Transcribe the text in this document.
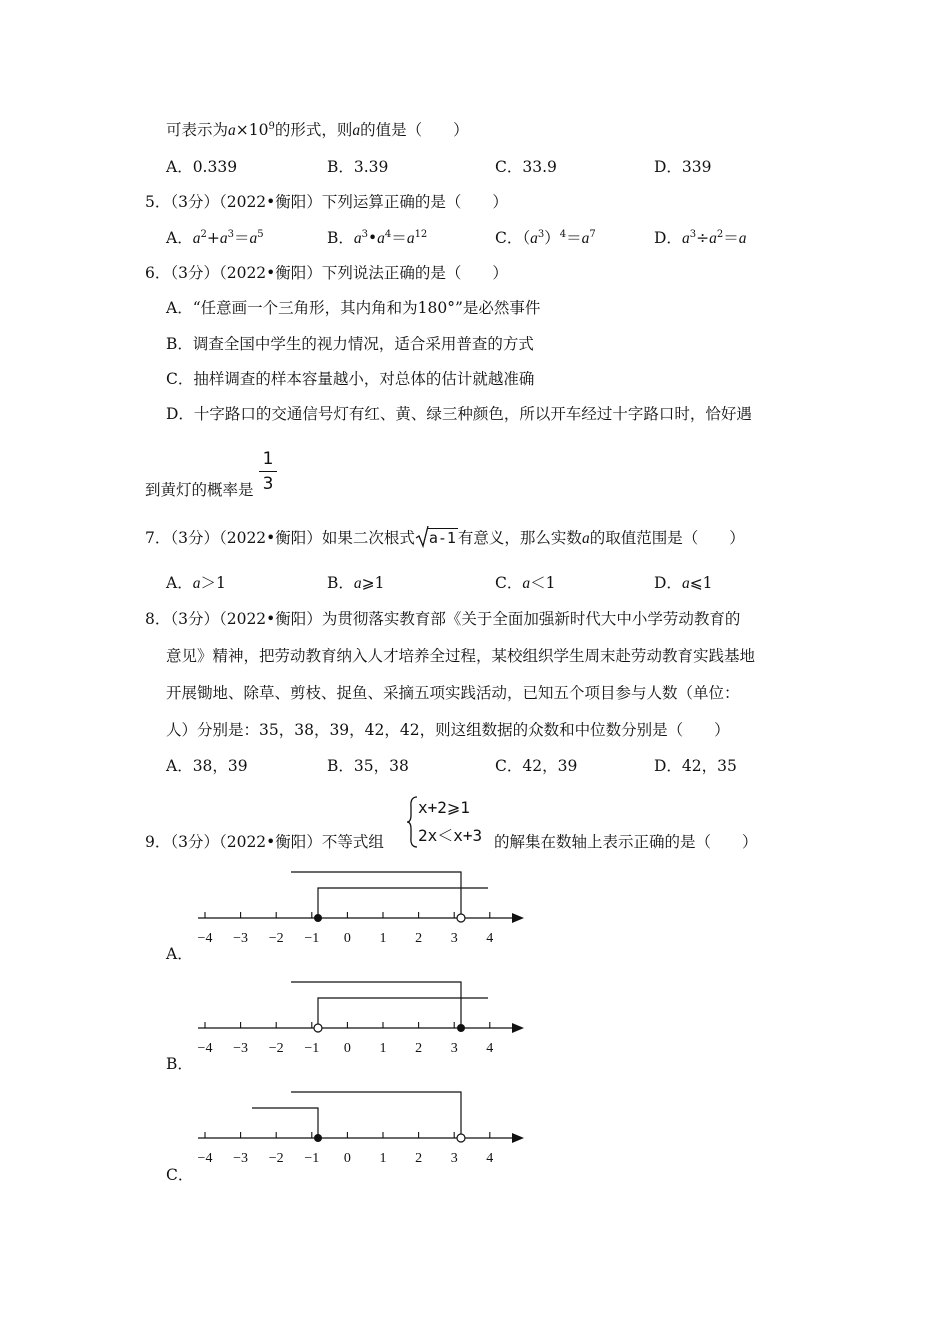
可表示为$a\times 10^9$的形式，则a的值是（　　）
A．0.339	B．3.39	C．33.9	D．339
5．（3分）（2022•衡阳）下列运算正确的是（　　）
A．$a^2+a^3=a^5$	B．$a^3•a^4=a^{12}$	C．$(a^3)^4=a^7$	D．$a^3\div a^2=a$
6．（3分）（2022•衡阳）下列说法正确的是（　　）
A．“任意画一个三角形，其内角和为180°”是必然事件
B．调查全国中学生的视力情况，适合采用普查的方式
C．抽样调查的样本容量越小，对总体的估计就越准确
D．十字路口的交通信号灯有红、黄、绿三种颜色，所以开车经过十字路口时，恰好遇
到黄灯的概率是
1
3
7．（3分）（2022•衡阳）如果二次根式 a-1 有意义，那么实数a的取值范围是（　　）
A．a＞1	B．a⩾1	C．a＜1	D．a⩽1
8．（3分）（2022•衡阳）为贯彻落实教育部《关于全面加强新时代大中小学劳动教育的
意见》精神，把劳动教育纳入人才培养全过程，某校组织学生周末赴劳动教育实践基地
开展锄地、除草、剪枝、捉鱼、采摘五项实践活动，已知五个项目参与人数（单位：
人）分别是：35，38，39，42，42，则这组数据的众数和中位数分别是（　　）
A．38，39	B．35，38	C．42，39	D．42，35
9．（3分）（2022•衡阳）不等式组
x+2⩾1
2x＜x+3 的解集在数轴上表示正确的是（　　）
−4 −3 −2 −1 0 1 2 3 4
A．
−4 −3 −2 −1 0 1 2 3 4
B．
−4 −3 −2 −1 0 1 2 3 4
C．
